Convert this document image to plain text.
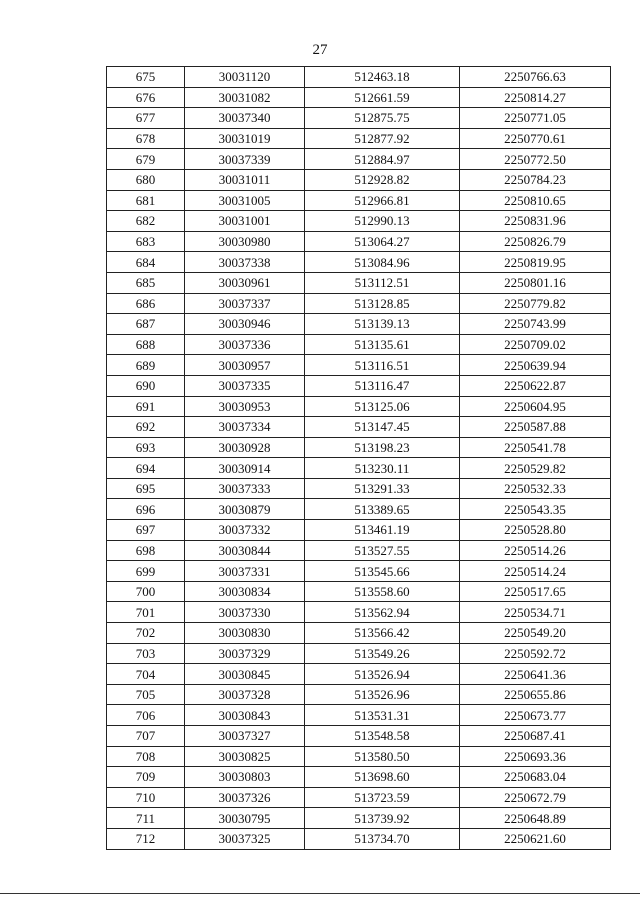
27
675	30031120	512463.18	2250766.63
676	30031082	512661.59	2250814.27
677	30037340	512875.75	2250771.05
678	30031019	512877.92	2250770.61
679	30037339	512884.97	2250772.50
680	30031011	512928.82	2250784.23
681	30031005	512966.81	2250810.65
682	30031001	512990.13	2250831.96
683	30030980	513064.27	2250826.79
684	30037338	513084.96	2250819.95
685	30030961	513112.51	2250801.16
686	30037337	513128.85	2250779.82
687	30030946	513139.13	2250743.99
688	30037336	513135.61	2250709.02
689	30030957	513116.51	2250639.94
690	30037335	513116.47	2250622.87
691	30030953	513125.06	2250604.95
692	30037334	513147.45	2250587.88
693	30030928	513198.23	2250541.78
694	30030914	513230.11	2250529.82
695	30037333	513291.33	2250532.33
696	30030879	513389.65	2250543.35
697	30037332	513461.19	2250528.80
698	30030844	513527.55	2250514.26
699	30037331	513545.66	2250514.24
700	30030834	513558.60	2250517.65
701	30037330	513562.94	2250534.71
702	30030830	513566.42	2250549.20
703	30037329	513549.26	2250592.72
704	30030845	513526.94	2250641.36
705	30037328	513526.96	2250655.86
706	30030843	513531.31	2250673.77
707	30037327	513548.58	2250687.41
708	30030825	513580.50	2250693.36
709	30030803	513698.60	2250683.04
710	30037326	513723.59	2250672.79
711	30030795	513739.92	2250648.89
712	30037325	513734.70	2250621.60
